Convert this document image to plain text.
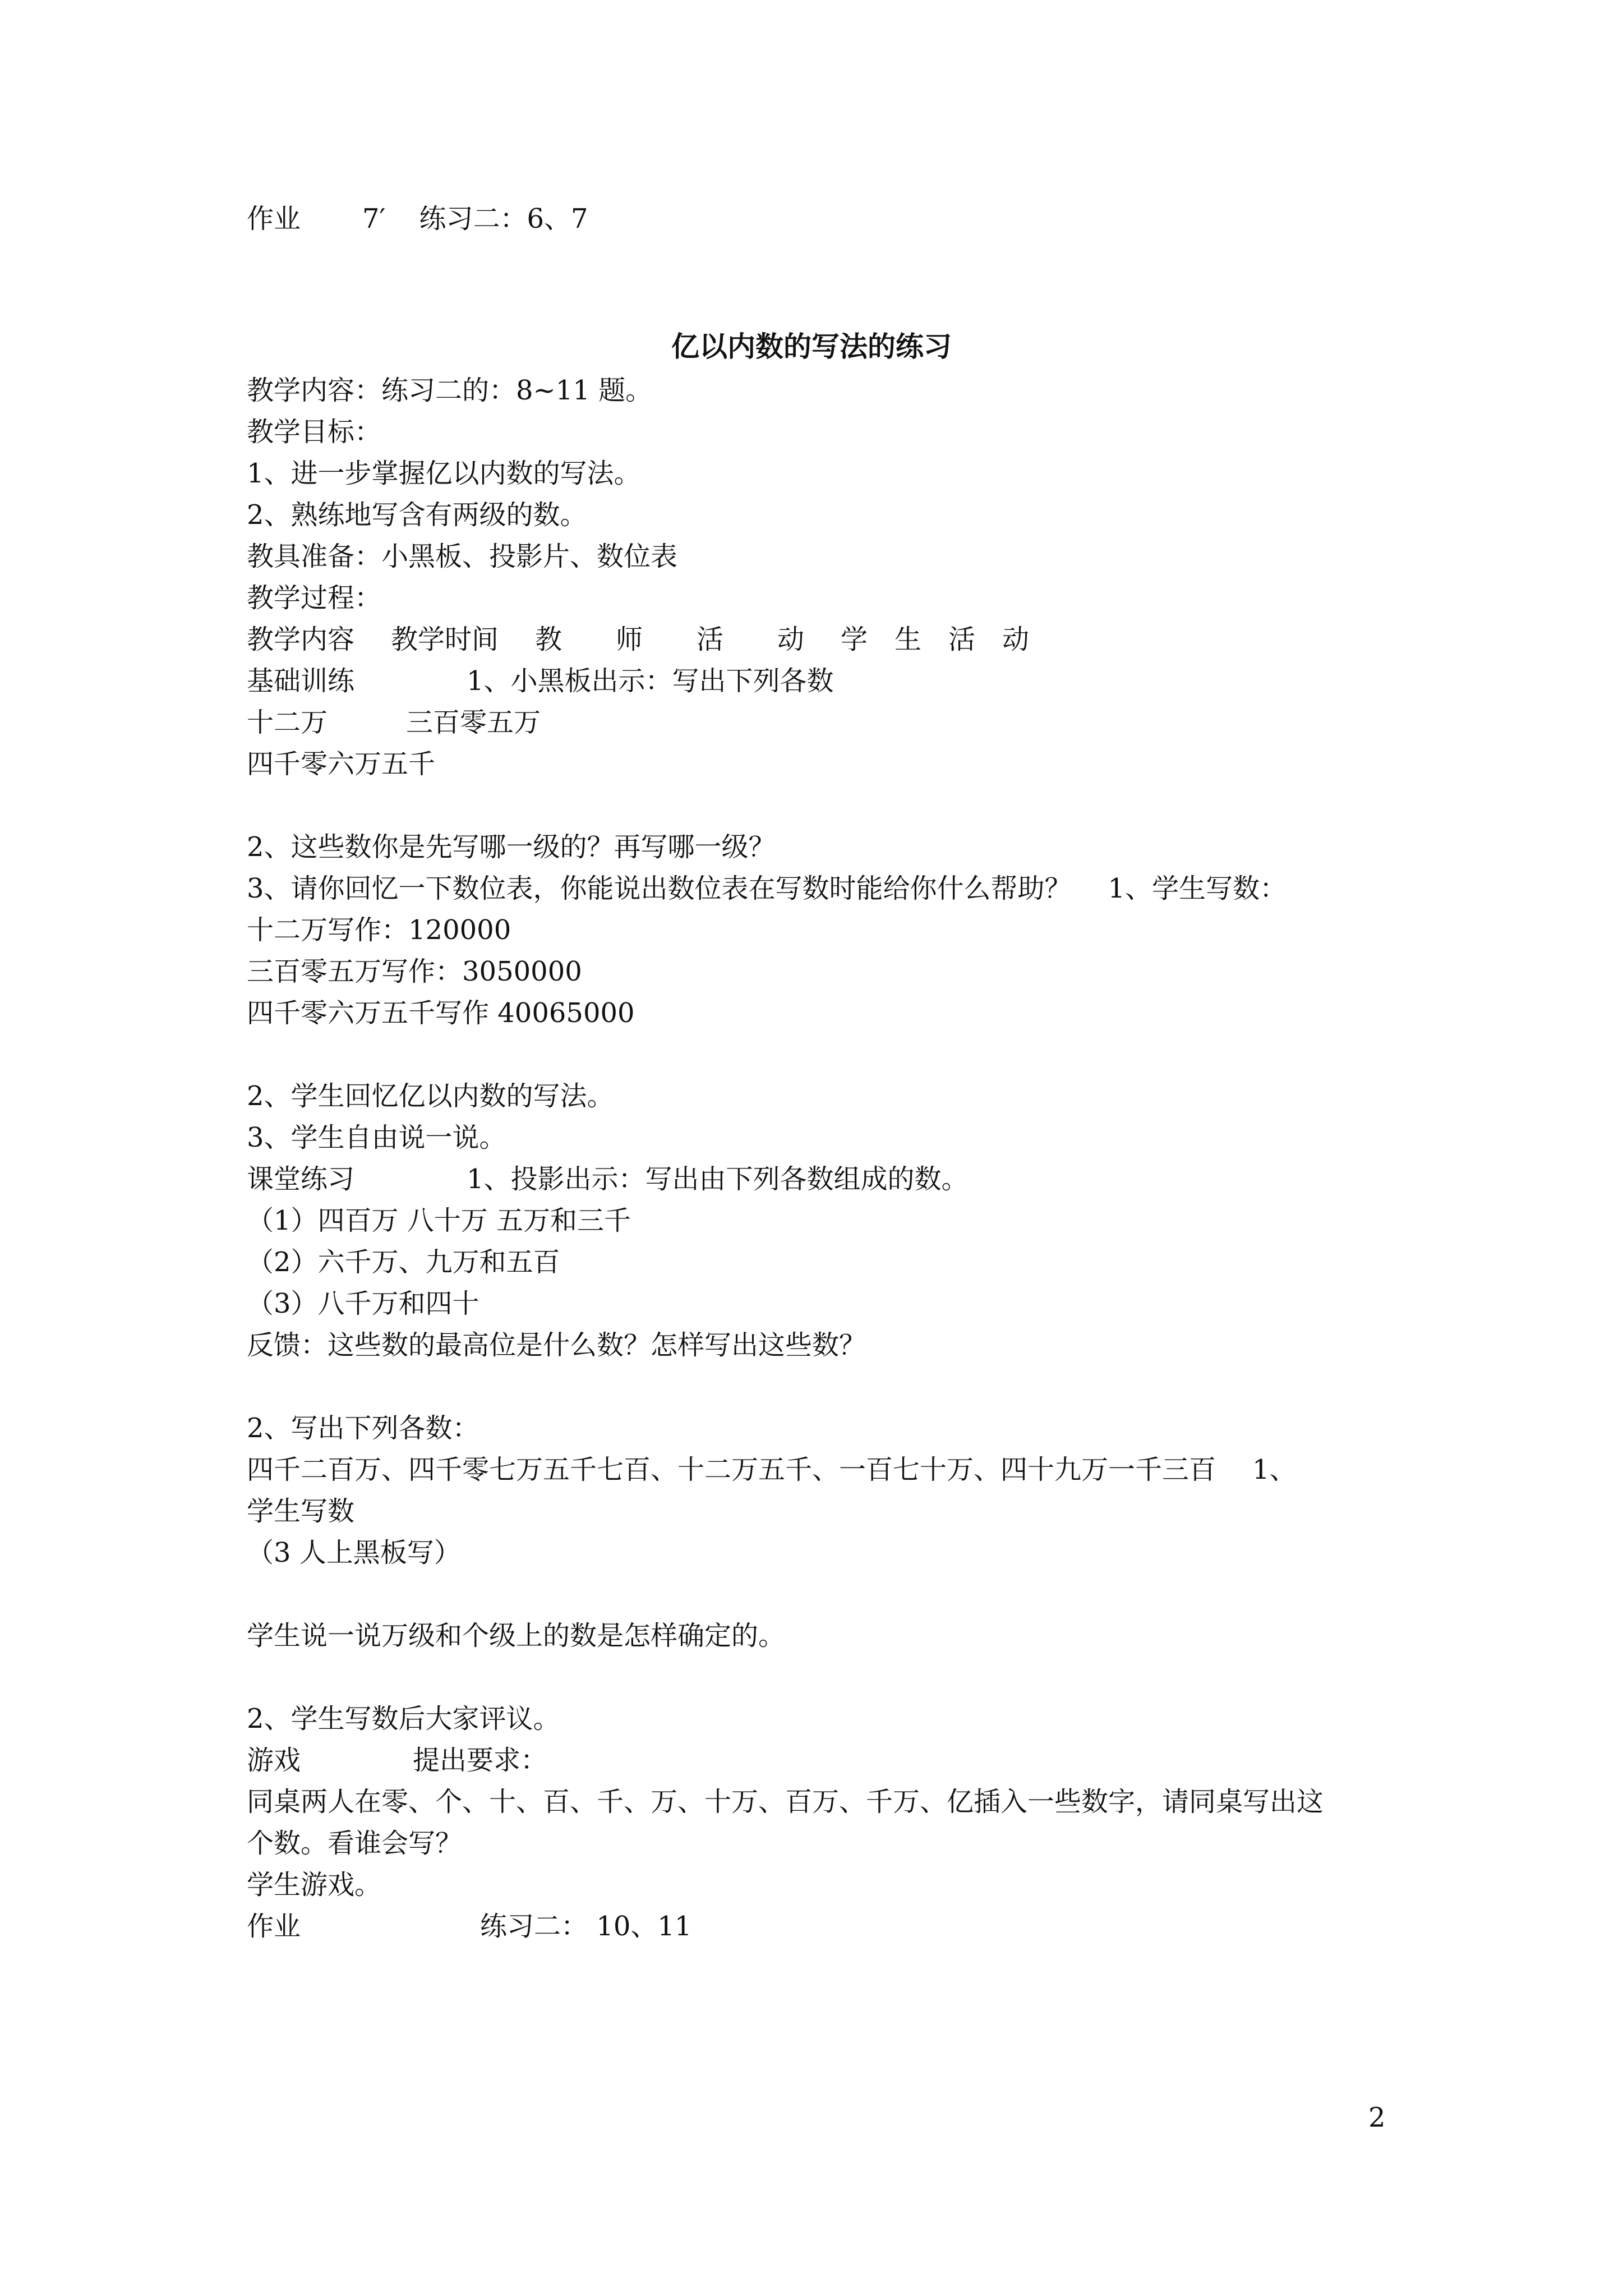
作业 7′ 练习二：6、7
亿以内数的写法的练习
教学内容：练习二的：8~11 题。
教学目标：
1、进一步掌握亿以内数的写法。
2、熟练地写含有两级的数。
教具准备：小黑板、投影片、数位表
教学过程：
教学内容 教学时间 教　　师　　活　　动 学　生　活　动
基础训练	1、小黑板出示：写出下列各数
十二万	三百零五万
四千零六万五千
2、这些数你是先写哪一级的？再写哪一级？
3、请你回忆一下数位表，你能说出数位表在写数时能给你什么帮助？ 1、学生写数：
十二万写作：120000
三百零五万写作：3050000
四千零六万五千写作 40065000
2、学生回忆亿以内数的写法。
3、学生自由说一说。
课堂练习	1、投影出示：写出由下列各数组成的数。
（1）四百万 八十万 五万和三千
（2）六千万、九万和五百
（3）八千万和四十
反馈：这些数的最高位是什么数？怎样写出这些数？
2、写出下列各数：
四千二百万、四千零七万五千七百、十二万五千、一百七十万、四十九万一千三百 1、
学生写数
（3 人上黑板写）
学生说一说万级和个级上的数是怎样确定的。
2、学生写数后大家评议。
游戏	提出要求：
同桌两人在零、个、十、百、千、万、十万、百万、千万、亿插入一些数字，请同桌写出这
个数。看谁会写？
学生游戏。
作业	练习二： 10、11
2
